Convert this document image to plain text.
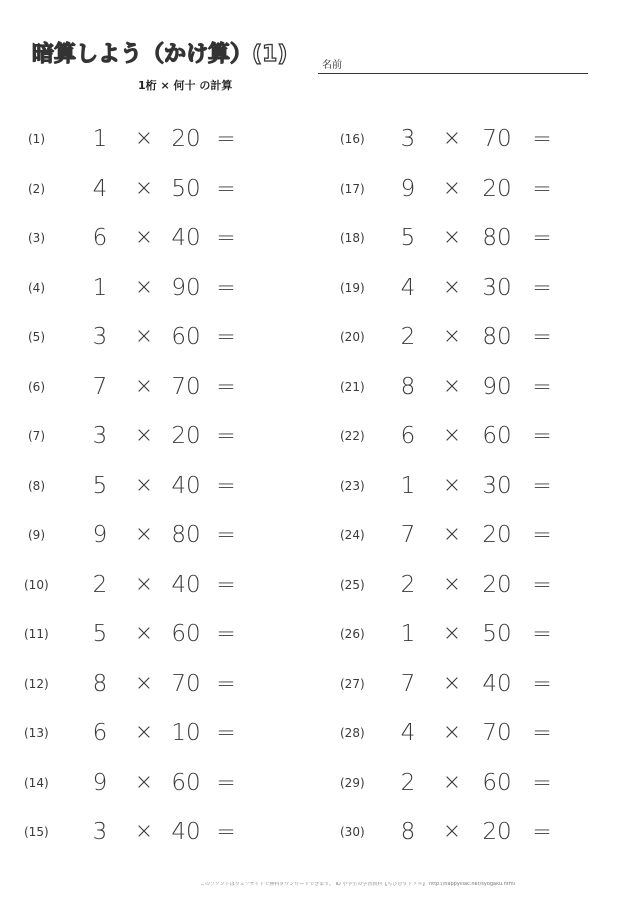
暗算しよう（かけ算）(1)
1桁 × 何十 の計算
名前
(1) 1 × 20 =
(2) 4 × 50 =
(3) 6 × 40 =
(4) 1 × 90 =
(5) 3 × 60 =
(6) 7 × 70 =
(7) 3 × 20 =
(8) 5 × 40 =
(9) 9 × 80 =
(10) 2 × 40 =
(11) 5 × 60 =
(12) 8 × 70 =
(13) 6 × 10 =
(14) 9 × 60 =
(15) 3 × 40 =
(16) 3 × 70 =
(17) 9 × 20 =
(18) 5 × 80 =
(19) 4 × 30 =
(20) 2 × 80 =
(21) 8 × 90 =
(22) 6 × 60 =
(23) 1 × 30 =
(24) 7 × 20 =
(25) 2 × 20 =
(26) 1 × 50 =
(27) 7 × 40 =
(28) 4 × 70 =
(29) 2 × 60 =
(30) 8 × 20 =
このプリントはウェブサイトで無料ダウンロードできます。 ID 小学生の学習教材【ちびむすドリル】 http://happylilac.net/syogaku.html
